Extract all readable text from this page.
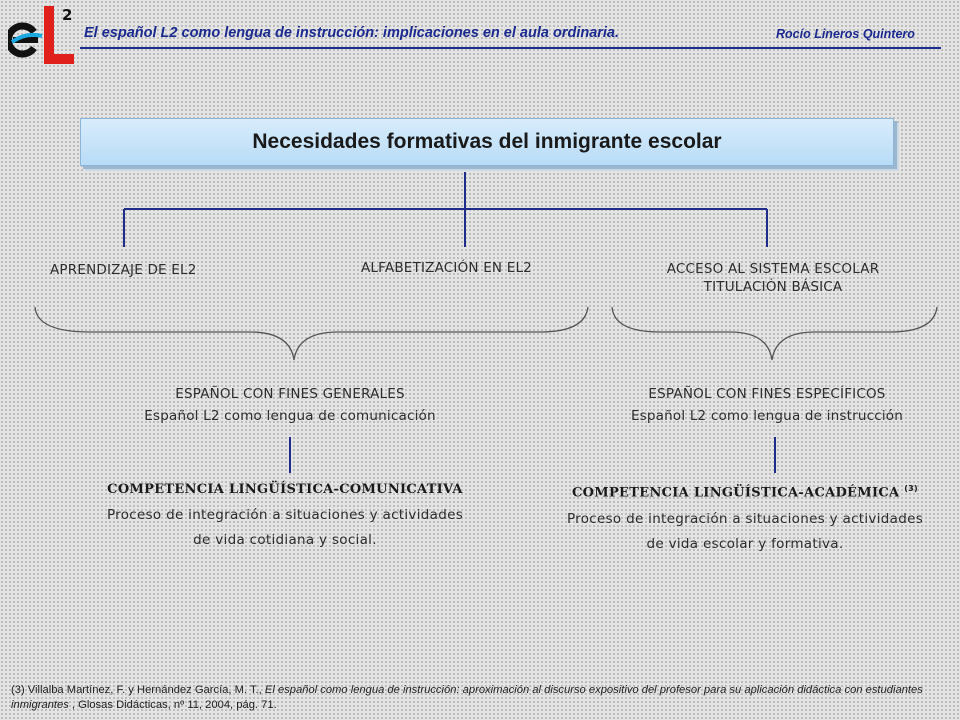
2
El español L2 como lengua de instrucción: implicaciones en el aula ordinaria.	Rocío Lineros Quintero
Necesidades formativas del inmigrante escolar
APRENDIZAJE DE EL2	ALFABETIZACIÓN EN EL2	ACCESO AL SISTEMA ESCOLAR
TITULACIÓN BÁSICA
ESPAÑOL CON FINES GENERALES
Español L2 como lengua de comunicación
COMPETENCIA LINGÜÍSTICA-COMUNICATIVA
Proceso de integración a situaciones y actividades
de vida cotidiana y social.
ESPAÑOL CON FINES ESPECÍFICOS
Español L2 como lengua de instrucción
COMPETENCIA LINGÜÍSTICA-ACADÉMICA $^{(3)}$
Proceso de integración a situaciones y actividades
de vida escolar y formativa.
(3) Villalba Martínez, F. y Hernández García, M. T., El español como lengua de instrucción: aproximación al discurso expositivo del profesor para su aplicación didáctica con estudiantes inmigrantes , Glosas Didácticas, nº 11, 2004, pág. 71.
